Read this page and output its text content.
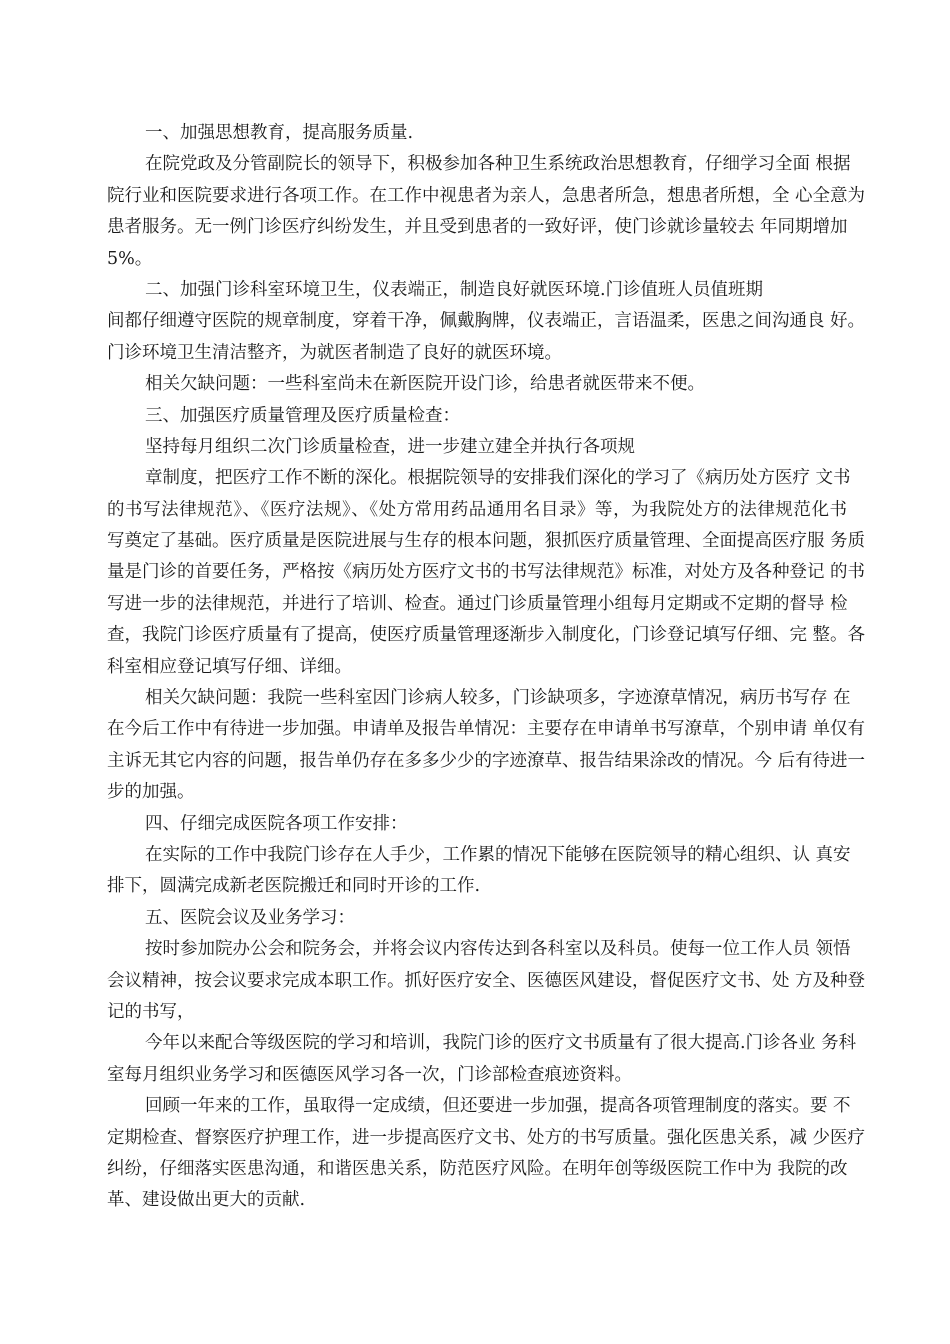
一、加强思想教育，提高服务质量.
在院党政及分管副院长的领导下，积极参加各种卫生系统政治思想教育，仔细学习全面 根据
院行业和医院要求进行各项工作。在工作中视患者为亲人，急患者所急，想患者所想，全 心全意为
患者服务。无一例门诊医疗纠纷发生，并且受到患者的一致好评，使门诊就诊量较去 年同期增加
5%。
二、加强门诊科室环境卫生，仪表端正，制造良好就医环境.门诊值班人员值班期
间都仔细遵守医院的规章制度，穿着干净，佩戴胸牌，仪表端正，言语温柔，医患之间沟通良 好。
门诊环境卫生清洁整齐，为就医者制造了良好的就医环境。
相关欠缺问题：一些科室尚未在新医院开设门诊，给患者就医带来不便。
三、加强医疗质量管理及医疗质量检查：
坚持每月组织二次门诊质量检查，进一步建立建全并执行各项规
章制度，把医疗工作不断的深化。根据院领导的安排我们深化的学习了《病历处方医疗 文书
的书写法律规范》、《医疗法规》、《处方常用药品通用名目录》等，为我院处方的法律规范化书
写奠定了基础。医疗质量是医院进展与生存的根本问题，狠抓医疗质量管理、全面提高医疗服 务质
量是门诊的首要任务，严格按《病历处方医疗文书的书写法律规范》标准，对处方及各种登记 的书
写进一步的法律规范，并进行了培训、检查。通过门诊质量管理小组每月定期或不定期的督导 检
查，我院门诊医疗质量有了提高，使医疗质量管理逐渐步入制度化，门诊登记填写仔细、完 整。各
科室相应登记填写仔细、详细。
相关欠缺问题：我院一些科室因门诊病人较多，门诊缺项多，字迹潦草情况，病历书写存 在
在今后工作中有待进一步加强。申请单及报告单情况：主要存在申请单书写潦草，个别申请 单仅有
主诉无其它内容的问题，报告单仍存在多多少少的字迹潦草、报告结果涂改的情况。今 后有待进一
步的加强。
四、仔细完成医院各项工作安排：
在实际的工作中我院门诊存在人手少，工作累的情况下能够在医院领导的精心组织、认 真安
排下，圆满完成新老医院搬迁和同时开诊的工作.
五、医院会议及业务学习：
按时参加院办公会和院务会，并将会议内容传达到各科室以及科员。使每一位工作人员 领悟
会议精神，按会议要求完成本职工作。抓好医疗安全、医德医风建设，督促医疗文书、处 方及种登
记的书写，
今年以来配合等级医院的学习和培训，我院门诊的医疗文书质量有了很大提高.门诊各业 务科
室每月组织业务学习和医德医风学习各一次，门诊部检查痕迹资料。
回顾一年来的工作，虽取得一定成绩，但还要进一步加强，提高各项管理制度的落实。要 不
定期检查、督察医疗护理工作，进一步提高医疗文书、处方的书写质量。强化医患关系，减 少医疗
纠纷，仔细落实医患沟通，和谐医患关系，防范医疗风险。在明年创等级医院工作中为 我院的改
革、建设做出更大的贡献.
